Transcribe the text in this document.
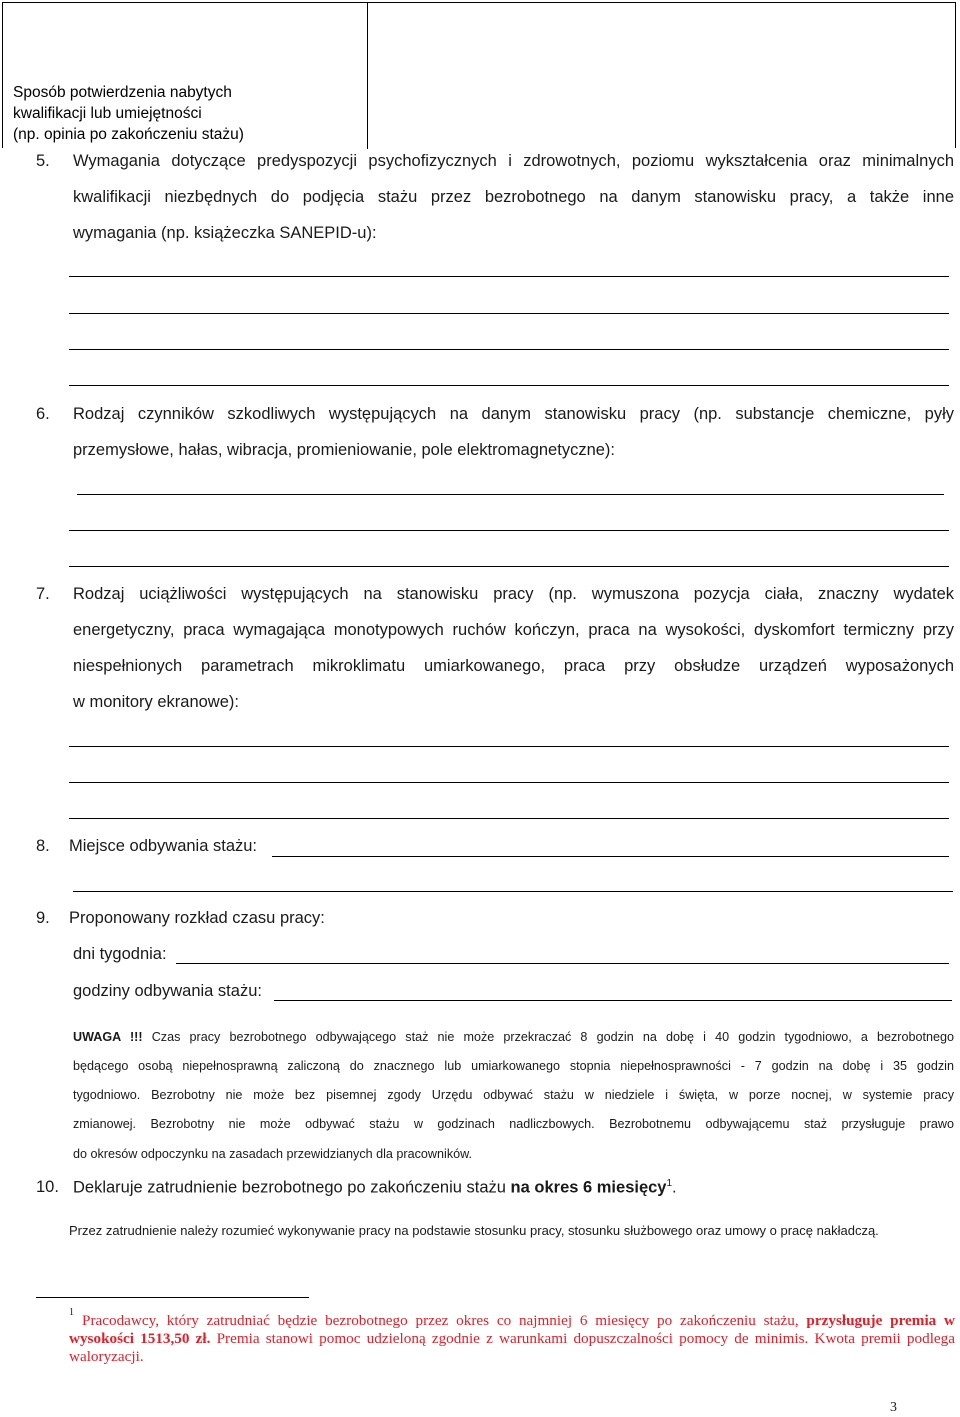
Sposób potwierdzenia nabytych
kwalifikacji lub umiejętności
(np. opinia po zakończeniu stażu)
5. Wymagania dotyczące predyspozycji psychofizycznych i zdrowotnych, poziomu wykształcenia oraz minimalnych
kwalifikacji niezbędnych do podjęcia stażu przez bezrobotnego na danym stanowisku pracy, a także inne
wymagania (np. książeczka SANEPID-u):
6. Rodzaj czynników szkodliwych występujących na danym stanowisku pracy (np. substancje chemiczne, pyły
przemysłowe, hałas, wibracja, promieniowanie, pole elektromagnetyczne):
7. Rodzaj uciążliwości występujących na stanowisku pracy (np. wymuszona pozycja ciała, znaczny wydatek
energetyczny, praca wymagająca monotypowych ruchów kończyn, praca na wysokości, dyskomfort termiczny przy
niespełnionych parametrach mikroklimatu umiarkowanego, praca przy obsłudze urządzeń wyposażonych
w monitory ekranowe):
8. Miejsce odbywania stażu:
9. Proponowany rozkład czasu pracy:
dni tygodnia:
godziny odbywania stażu:
UWAGA !!! Czas pracy bezrobotnego odbywającego staż nie może przekraczać 8 godzin na dobę i 40 godzin tygodniowo, a bezrobotnego
będącego osobą niepełnosprawną zaliczoną do znacznego lub umiarkowanego stopnia niepełnosprawności - 7 godzin na dobę i 35 godzin
tygodniowo. Bezrobotny nie może bez pisemnej zgody Urzędu odbywać stażu w niedziele i święta, w porze nocnej, w systemie pracy
zmianowej. Bezrobotny nie może odbywać stażu w godzinach nadliczbowych. Bezrobotnemu odbywającemu staż przysługuje prawo
do okresów odpoczynku na zasadach przewidzianych dla pracowników.
10. Deklaruje zatrudnienie bezrobotnego po zakończeniu stażu na okres 6 miesięcy$^1$.
Przez zatrudnienie należy rozumieć wykonywanie pracy na podstawie stosunku pracy, stosunku służbowego oraz umowy o pracę nakładczą.
1 Pracodawcy, który zatrudniać będzie bezrobotnego przez okres co najmniej 6 miesięcy po zakończeniu stażu, przysługuje premia w wysokości 1513,50 zł. Premia stanowi pomoc udzieloną zgodnie z warunkami dopuszczalności pomocy de minimis. Kwota premii podlega waloryzacji.
3
